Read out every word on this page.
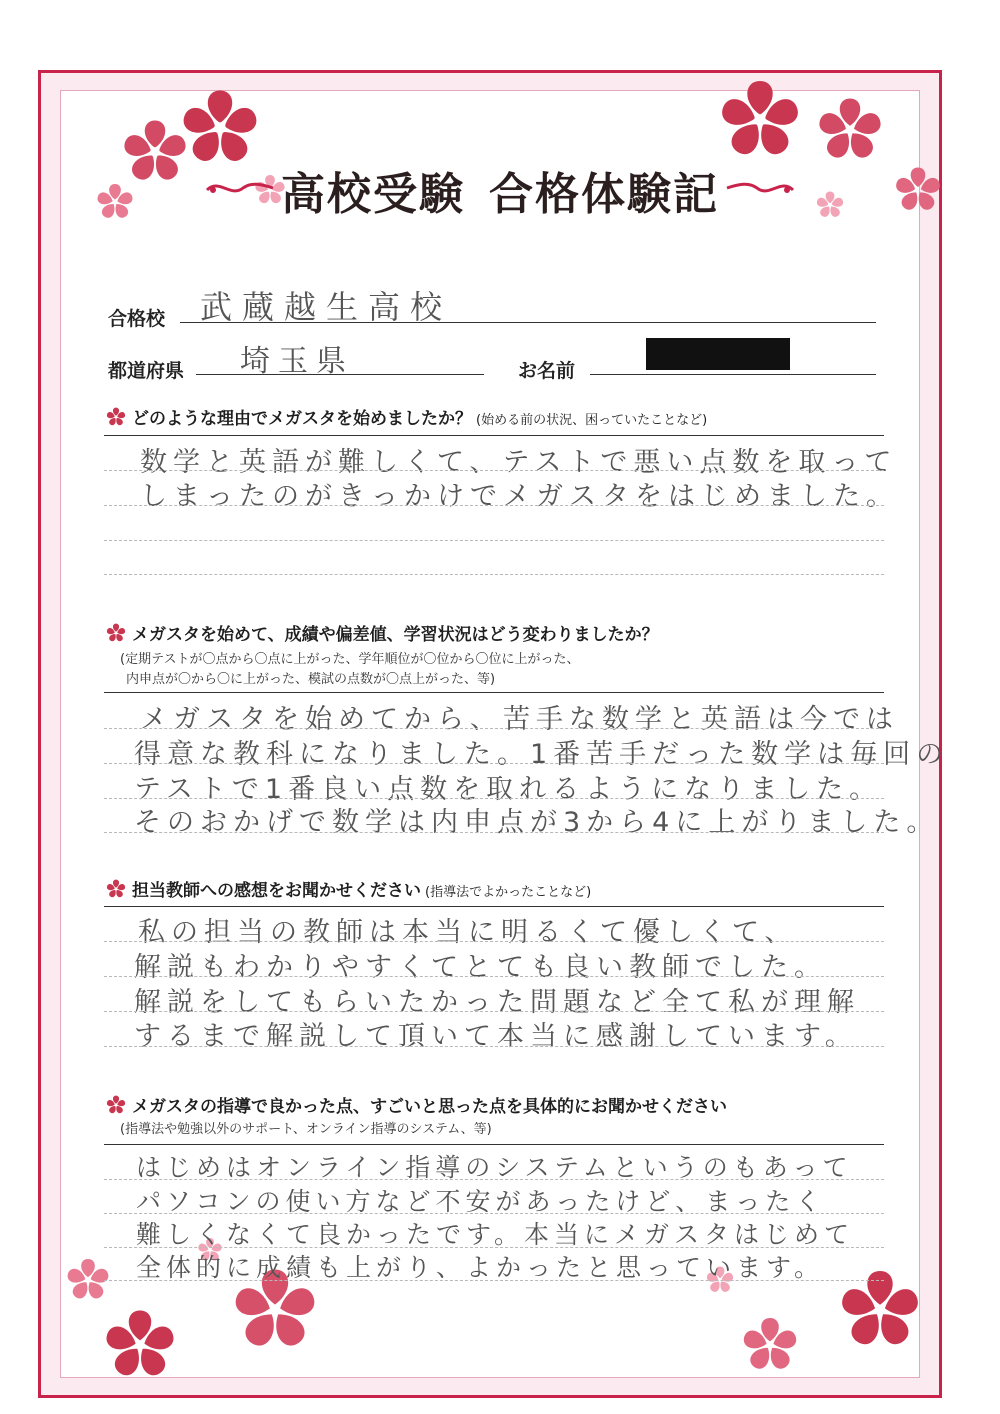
高校受験 合格体験記
合格校 武蔵越生高校
都道府県 埼玉県	お名前
どのような理由でメガスタを始めましたか？ (始める前の状況、困っていたことなど)
数学と英語が難しくて、テストで悪い点数を取って
しまったのがきっかけでメガスタをはじめました。
メガスタを始めて、成績や偏差値、学習状況はどう変わりましたか？
(定期テストが〇点から〇点に上がった、学年順位が〇位から〇位に上がった、
内申点が〇から〇に上がった、模試の点数が〇点上がった、等)
メガスタを始めてから、苦手な数学と英語は今では
得意な教科になりました。1番苦手だった数学は毎回の
テストで1番良い点数を取れるようになりました。
そのおかげで数学は内申点が3から4に上がりました。
担当教師への感想をお聞かせください (指導法でよかったことなど)
私の担当の教師は本当に明るくて優しくて、
解説もわかりやすくてとても良い教師でした。
解説をしてもらいたかった問題など全て私が理解
するまで解説して頂いて本当に感謝しています。
メガスタの指導で良かった点、すごいと思った点を具体的にお聞かせください
(指導法や勉強以外のサポート、オンライン指導のシステム、等)
はじめはオンライン指導のシステムというのもあって
パソコンの使い方など不安があったけど、まったく
難しくなくて良かったです。本当にメガスタはじめて
全体的に成績も上がり、よかったと思っています。
